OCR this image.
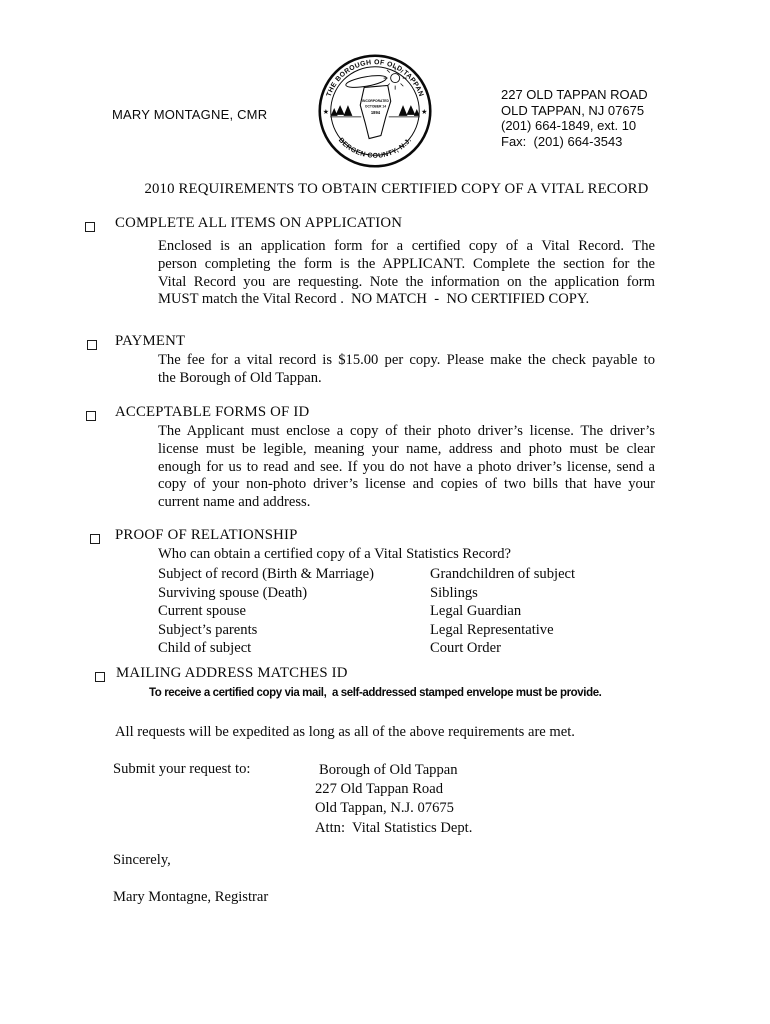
MARY MONTAGNE, CMR
INCORPORATED
OCTOBER 14
1894
THE BOROUGH OF OLD TAPPAN
BERGEN COUNTY, N.J.
★	★
227 OLD TAPPAN ROAD
OLD TAPPAN, NJ 07675
(201) 664-1849, ext. 10
Fax:  (201) 664-3543
2010 REQUIREMENTS TO OBTAIN CERTIFIED COPY OF A VITAL RECORD
COMPLETE ALL ITEMS ON APPLICATION
Enclosed is an application form for a certified copy of a Vital Record. The
person completing the form is the APPLICANT. Complete the section for the
Vital Record you are requesting. Note the information on the application form
MUST match the Vital Record .  NO MATCH  -  NO CERTIFIED COPY.
PAYMENT
The fee for a vital record is $15.00 per copy. Please make the check payable to
the Borough of Old Tappan.
ACCEPTABLE FORMS OF ID
The Applicant must enclose a copy of their photo driver’s license. The driver’s
license must be legible, meaning your name, address and photo must be clear
enough for us to read and see. If you do not have a photo driver’s license, send a
copy of your non-photo driver’s license and copies of two bills that have your
current name and address.
PROOF OF RELATIONSHIP
Who can obtain a certified copy of a Vital Statistics Record?
Subject of record (Birth & Marriage)	Grandchildren of subject
Surviving spouse (Death)	Siblings
Current spouse	Legal Guardian
Subject’s parents	Legal Representative
Child of subject	Court Order
MAILING ADDRESS MATCHES ID
To receive a certified copy via mail,  a self-addressed stamped envelope must be provide.
All requests will be expedited as long as all of the above requirements are met.
Submit your request to:	Borough of Old Tappan
227 Old Tappan Road
Old Tappan, N.J. 07675
Attn:  Vital Statistics Dept.
Sincerely,
Mary Montagne, Registrar
